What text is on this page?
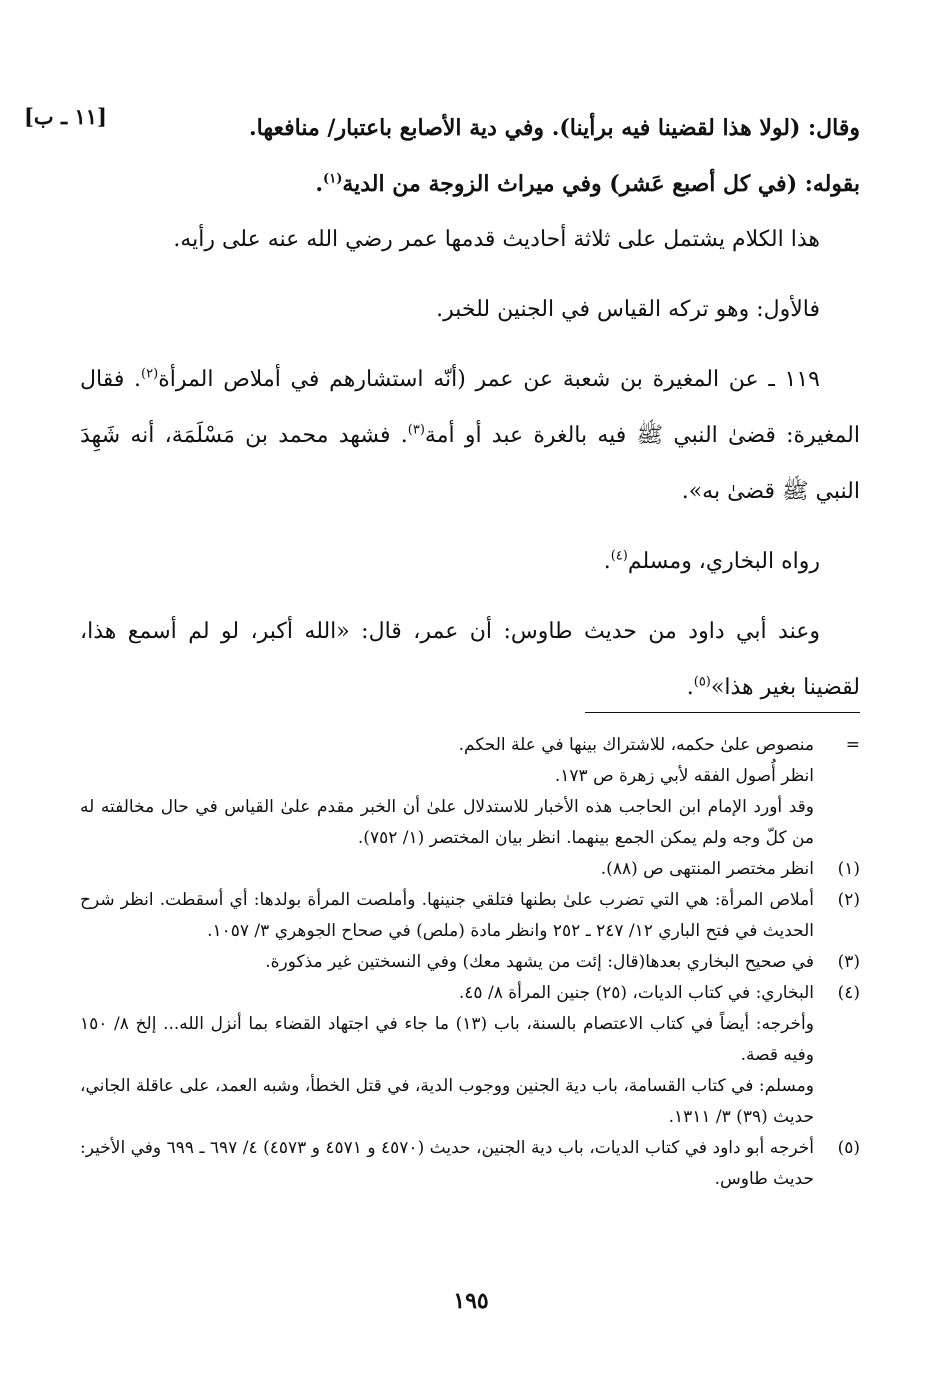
[١١ ـ ب]	وقال: (لولا هذا لقضينا فيه برأينا). وفي دية الأصابع باعتبار/ منافعها.

بقوله: (في كل أصبع عَشر) وفي ميراث الزوجة من الدية$^{(١)}$.

هذا الكلام يشتمل على ثلاثة أحاديث قدمها عمر رضي الله عنه على رأيه.

فالأول: وهو تركه القياس في الجنين للخبر.

١١٩ ـ عن المغيرة بن شعبة عن عمر (أنّه استشارهم في أملاص المرأة$^{(٢)}$. فقال المغيرة: قضىٰ النبي ﷺ فيه بالغرة عبد أو أمة$^{(٣)}$. فشهد محمد بن مَسْلَمَة، أنه شَهِدَ النبي ﷺ قضىٰ به».

رواه البخاري، ومسلم$^{(٤)}$.

وعند أبي داود من حديث طاوس: أن عمر، قال: «الله أكبر، لو لم أسمع هذا، لقضينا بغير هذا»$^{(٥)}$.

=

منصوص علىٰ حكمه، للاشتراك بينها في علة الحكم.

انظر أُصول الفقه لأبي زهرة ص ١٧٣.

وقد أورد الإمام ابن الحاجب هذه الأخبار للاستدلال علىٰ أن الخبر مقدم علىٰ القياس في حال مخالفته له من كلّ وجه ولم يمكن الجمع بينهما. انظر بيان المختصر (١/ ٧٥٢).

(١)

انظر مختصر المنتهى ص (٨٨).

(٢)

أملاص المرأة: هي التي تضرب علىٰ بطنها فتلقي جنينها. وأملصت المرأة بولدها: أي أسقطت. انظر شرح الحديث في فتح الباري ١٢/ ٢٤٧ ـ ٢٥٢ وانظر مادة (ملص) في صحاح الجوهري ٣/ ١٠٥٧.

(٣)

في صحيح البخاري بعدها(قال: إئت من يشهد معك) وفي النسختين غير مذكورة.

(٤)

البخاري: في كتاب الديات، (٢٥) جنين المرأة ٨/ ٤٥.

وأخرجه: أيضاً في كتاب الاعتصام بالسنة، باب (١٣) ما جاء في اجتهاد القضاء بما أنزل الله... إلخ ٨/ ١٥٠ وفيه قصة.

ومسلم: في كتاب القسامة، باب دية الجنين ووجوب الدية، في قتل الخطأ، وشبه العمد، على عاقلة الجاني، حديث (٣٩) ٣/ ١٣١١.

(٥)

أخرجه أبو داود في كتاب الديات، باب دية الجنين، حديث (٤٥٧٠ و ٤٥٧١ و ٤٥٧٣) ٤/ ٦٩٧ ـ ٦٩٩ وفي الأخير: حديث طاوس.

١٩٥
